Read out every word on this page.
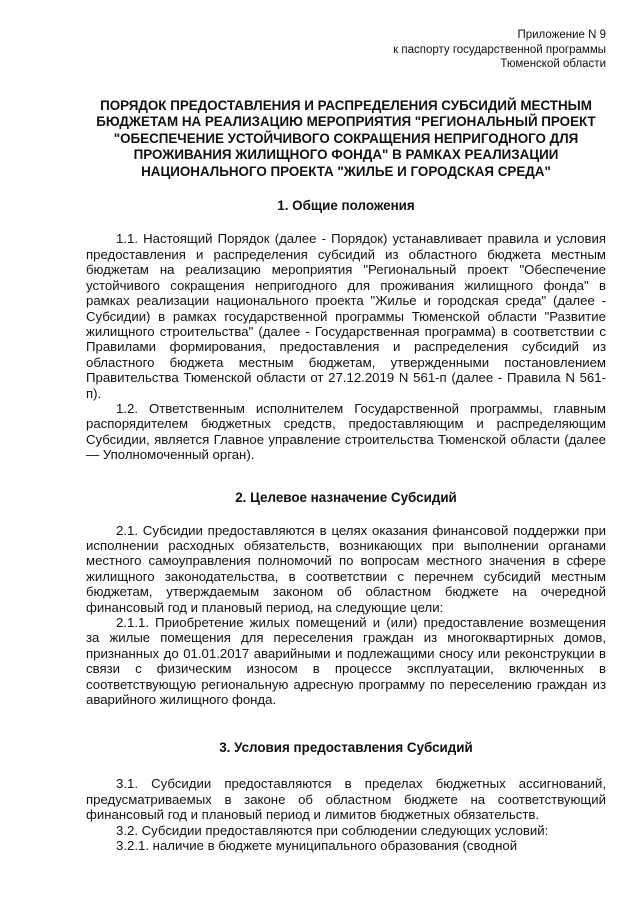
Приложение N 9
к паспорту государственной программы
Тюменской области
ПОРЯДОК ПРЕДОСТАВЛЕНИЯ И РАСПРЕДЕЛЕНИЯ СУБСИДИЙ МЕСТНЫМ БЮДЖЕТАМ НА РЕАЛИЗАЦИЮ МЕРОПРИЯТИЯ "РЕГИОНАЛЬНЫЙ ПРОЕКТ "ОБЕСПЕЧЕНИЕ УСТОЙЧИВОГО СОКРАЩЕНИЯ НЕПРИГОДНОГО ДЛЯ ПРОЖИВАНИЯ ЖИЛИЩНОГО ФОНДА" В РАМКАХ РЕАЛИЗАЦИИ НАЦИОНАЛЬНОГО ПРОЕКТА "ЖИЛЬЕ И ГОРОДСКАЯ СРЕДА"
1. Общие положения

1.1. Настоящий Порядок (далее - Порядок) устанавливает правила и условия предоставления и распределения субсидий из областного бюджета местным бюджетам на реализацию мероприятия "Региональный проект "Обеспечение устойчивого сокращения непригодного для проживания жилищного фонда" в рамках реализации национального проекта "Жилье и городская среда" (далее - Субсидии) в рамках государственной программы Тюменской области "Развитие жилищного строительства" (далее - Государственная программа) в соответствии с Правилами формирования, предоставления и распределения субсидий из областного бюджета местным бюджетам, утвержденными постановлением Правительства Тюменской области от 27.12.2019 N 561-п (далее - Правила N 561-п).

1.2. Ответственным исполнителем Государственной программы, главным распорядителем бюджетных средств, предоставляющим и распределяющим Субсидии, является Главное управление строительства Тюменской области (далее — Уполномоченный орган).

2. Целевое назначение Субсидий

2.1. Субсидии предоставляются в целях оказания финансовой поддержки при исполнении расходных обязательств, возникающих при выполнении органами местного самоуправления полномочий по вопросам местного значения в сфере жилищного законодательства, в соответствии с перечнем субсидий местным бюджетам, утверждаемым законом об областном бюджете на очередной финансовый год и плановый период, на следующие цели:

2.1.1. Приобретение жилых помещений и (или) предоставление возмещения за жилые помещения для переселения граждан из многоквартирных домов, признанных до 01.01.2017 аварийными и подлежащими сносу или реконструкции в связи с физическим износом в процессе эксплуатации, включенных в соответствующую региональную адресную программу по переселению граждан из аварийного жилищного фонда.

3. Условия предоставления Субсидий

3.1. Субсидии предоставляются в пределах бюджетных ассигнований, предусматриваемых в законе об областном бюджете на соответствующий финансовый год и плановый период и лимитов бюджетных обязательств.

3.2. Субсидии предоставляются при соблюдении следующих условий:

3.2.1. наличие в бюджете муниципального образования (сводной
